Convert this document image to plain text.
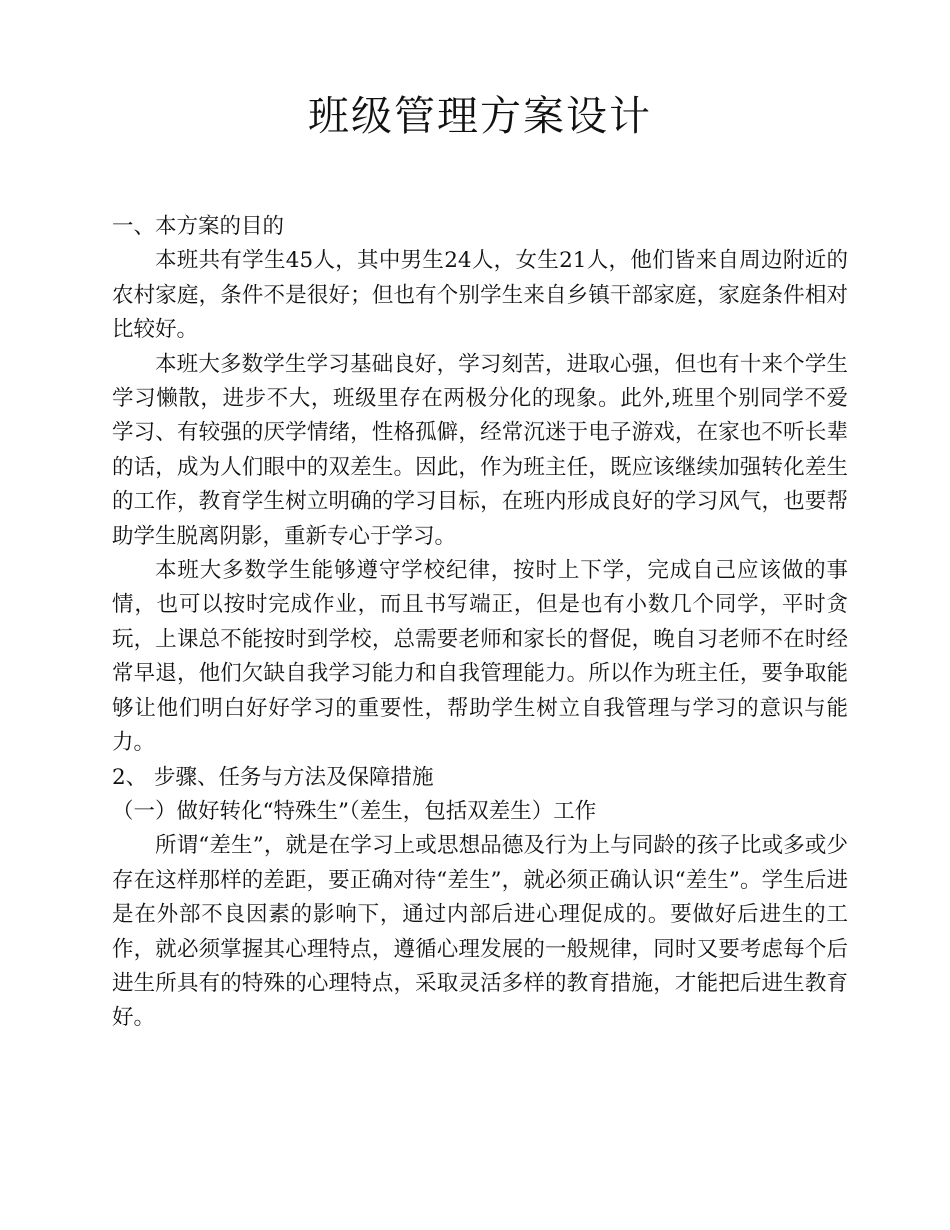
班级管理方案设计

一、本方案的目的

本班共有学生45人，其中男生24人，女生21人，他们皆来自周边附近的农村家庭，条件不是很好；但也有个别学生来自乡镇干部家庭，家庭条件相对比较好。

本班大多数学生学习基础良好，学习刻苦，进取心强，但也有十来个学生学习懒散，进步不大，班级里存在两极分化的现象。此外,班里个别同学不爱学习、有较强的厌学情绪，性格孤僻，经常沉迷于电子游戏，在家也不听长辈的话，成为人们眼中的双差生。因此，作为班主任，既应该继续加强转化差生的工作，教育学生树立明确的学习目标，在班内形成良好的学习风气，也要帮助学生脱离阴影，重新专心于学习。

本班大多数学生能够遵守学校纪律，按时上下学，完成自己应该做的事情，也可以按时完成作业，而且书写端正，但是也有小数几个同学，平时贪玩，上课总不能按时到学校，总需要老师和家长的督促，晚自习老师不在时经常早退，他们欠缺自我学习能力和自我管理能力。所以作为班主任，要争取能够让他们明白好好学习的重要性，帮助学生树立自我管理与学习的意识与能力。

2、 步骤、任务与方法及保障措施

（一）做好转化“特殊生”（差生，包括双差生）工作

所谓“差生”，就是在学习上或思想品德及行为上与同龄的孩子比或多或少存在这样那样的差距，要正确对待“差生”，就必须正确认识“差生”。学生后进是在外部不良因素的影响下，通过内部后进心理促成的。要做好后进生的工作，就必须掌握其心理特点，遵循心理发展的一般规律，同时又要考虑每个后进生所具有的特殊的心理特点，采取灵活多样的教育措施，才能把后进生教育好。
